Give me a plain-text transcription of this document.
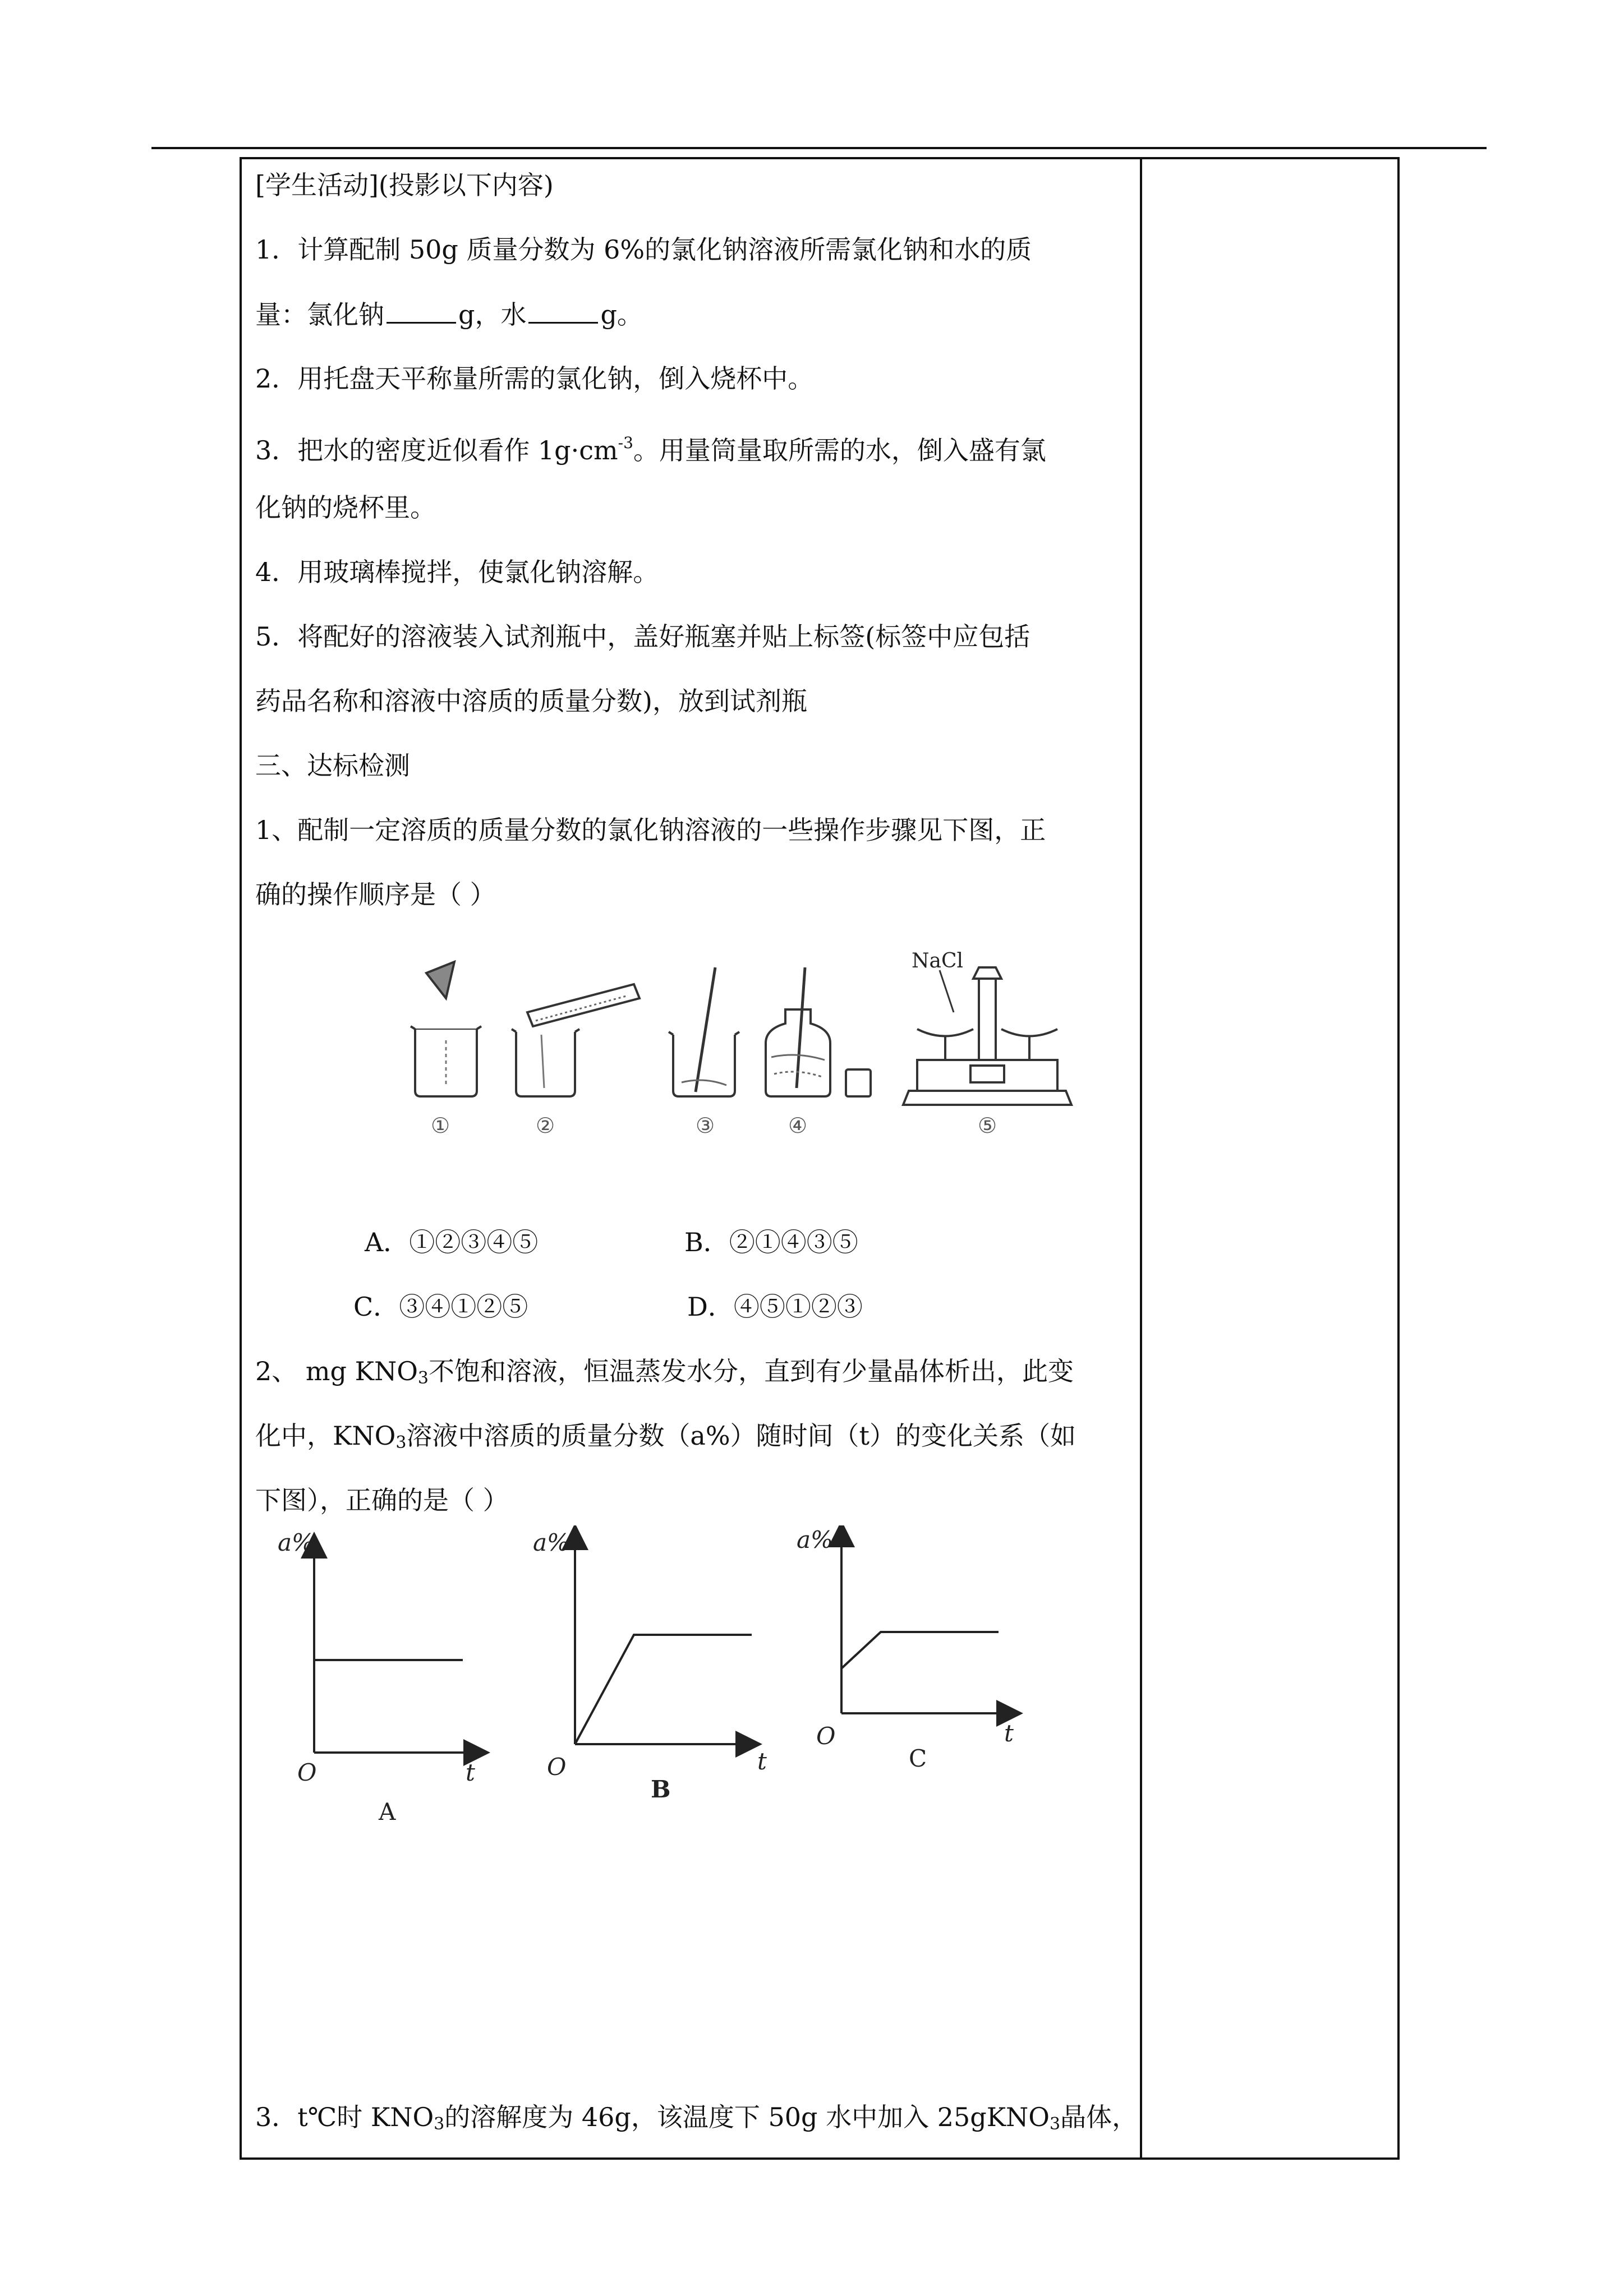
[学生活动](投影以下内容)
1．计算配制 50g 质量分数为 6%的氯化钠溶液所需氯化钠和水的质
量：氯化钠	g，水	g。
2．用托盘天平称量所需的氯化钠，倒入烧杯中。
3．把水的密度近似看作 $1g\cdot cm^{-3}$。用量筒量取所需的水，倒入盛有氯
化钠的烧杯里。
4．用玻璃棒搅拌，使氯化钠溶解。
5．将配好的溶液装入试剂瓶中，盖好瓶塞并贴上标签(标签中应包括
药品名称和溶液中溶质的质量分数)，放到试剂瓶
三、达标检测
1、配制一定溶质的质量分数的氯化钠溶液的一些操作步骤见下图，正
确的操作顺序是（ ）
NaCl
①	②	③	④	⑤
A．①②③④⑤	B．②①④③⑤
C．③④①②⑤	D．④⑤①②③
2、 mg $KNO_3$不饱和溶液，恒温蒸发水分，直到有少量晶体析出，此变
化中，$KNO_3$溶液中溶质的质量分数（a%）随时间（t）的变化关系（如
下图），正确的是（ ）
a%
O	t
a%
O	t
a%
O	t
A
B
C
3．t℃时 $KNO_3$的溶解度为 46g，该温度下 50g 水中加入 25gKNO$_3$晶体，
